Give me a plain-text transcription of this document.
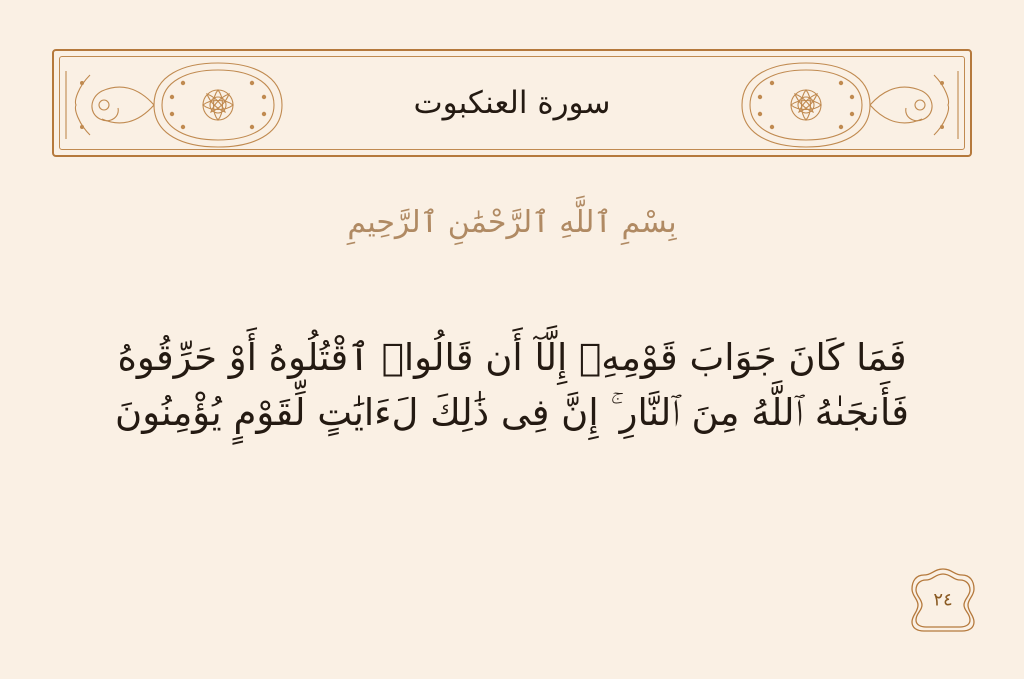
سورة العنكبوت
بِسْمِ ٱللَّهِ ٱلرَّحْمَٰنِ ٱلرَّحِيمِ
فَمَا كَانَ جَوَابَ قَوْمِهِۦ إِلَّآ أَن قَالُوا۟ ٱقْتُلُوهُ أَوْ حَرِّقُوهُ
فَأَنجَىٰهُ ٱللَّهُ مِنَ ٱلنَّارِ ۚ إِنَّ فِى ذَٰلِكَ لَءَايَٰتٍ لِّقَوْمٍ يُؤْمِنُونَ
٢٤
